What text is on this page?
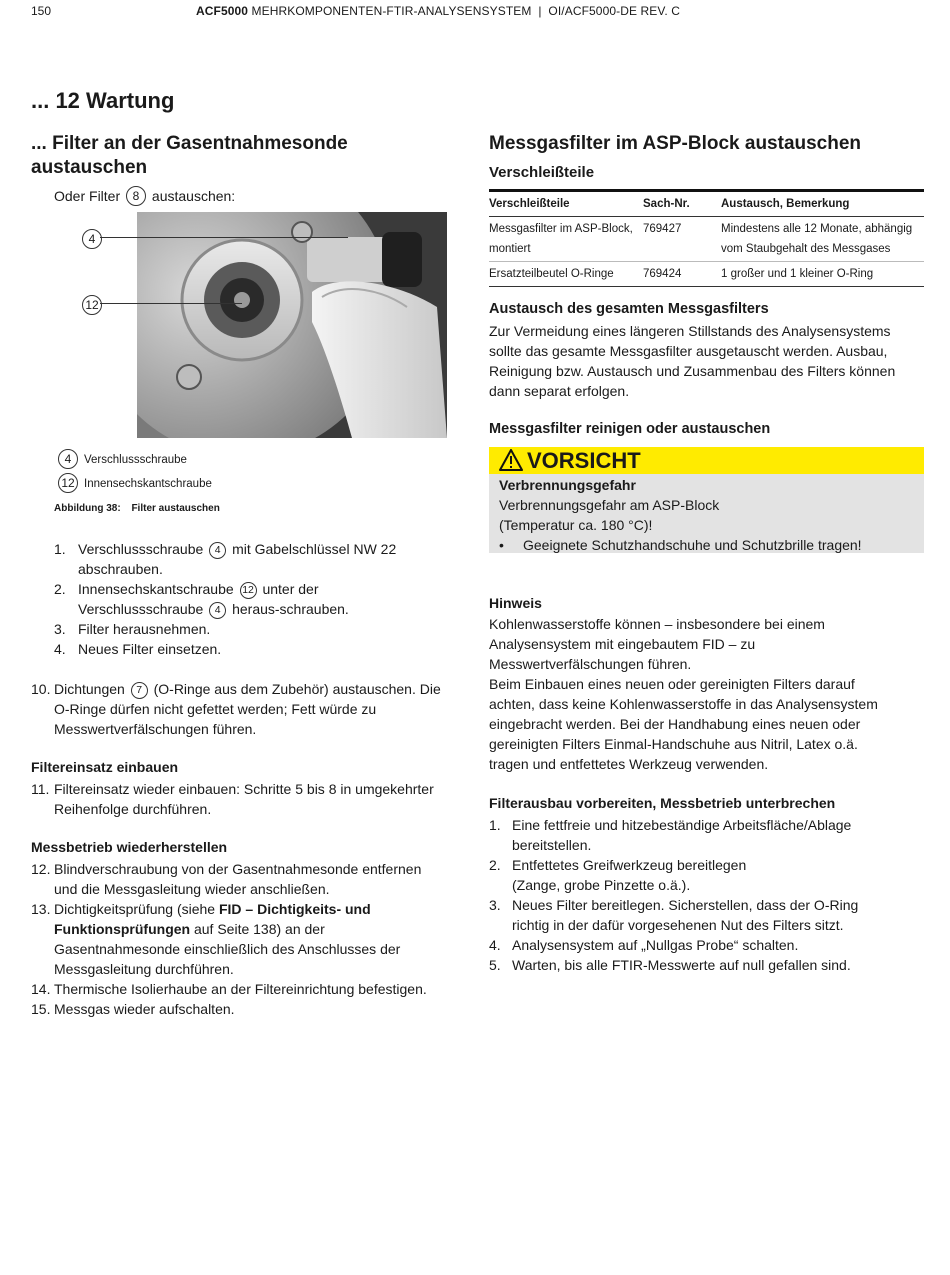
150	ACF5000 MEHRKOMPONENTEN-FTIR-ANALYSENSYSTEM  |  OI/ACF5000-DE REV. C
... 12 Wartung
... Filter an der Gasentnahmesonde
austauschen
Oder Filter 8 austauschen:
4
12
4 Verschlussschraube
12 Innensechskantschraube
Abbildung 38: Filter austauschen
1. Verschlussschraube 4 mit Gabelschlüssel NW 22
abschrauben.
2. Innensechskantschraube 12 unter der
Verschlussschraube 4 heraus-schrauben.
3. Filter herausnehmen.
4. Neues Filter einsetzen.
10. Dichtungen 7 (O-Ringe aus dem Zubehör) austauschen. Die
O-Ringe dürfen nicht gefettet werden; Fett würde zu
Messwertverfälschungen führen.
Filtereinsatz einbauen
11. Filtereinsatz wieder einbauen: Schritte 5 bis 8 in umgekehrter
Reihenfolge durchführen.
Messbetrieb wiederherstellen
12. Blindverschraubung von der Gasentnahmesonde entfernen
und die Messgasleitung wieder anschließen.
13. Dichtigkeitsprüfung (siehe FID – Dichtigkeits- und
Funktionsprüfungen auf Seite 138) an der
Gasentnahmesonde einschließlich des Anschlusses der
Messgasleitung durchführen.
14. Thermische Isolierhaube an der Filtereinrichtung befestigen.
15. Messgas wieder aufschalten.
Messgasfilter im ASP-Block austauschen
Verschleißteile
Verschleißteile	Sach-Nr.	Austausch, Bemerkung
Messgasfilter im ASP-Block,
montiert	769427	Mindestens alle 12 Monate, abhängig
vom Staubgehalt des Messgases
Ersatzteilbeutel O-Ringe	769424	1 großer und 1 kleiner O-Ring
Austausch des gesamten Messgasfilters
Zur Vermeidung eines längeren Stillstands des Analysensystems
sollte das gesamte Messgasfilter ausgetauscht werden. Ausbau,
Reinigung bzw. Austausch und Zusammenbau des Filters können
dann separat erfolgen.
Messgasfilter reinigen oder austauschen
VORSICHT
Verbrennungsgefahr
Verbrennungsgefahr am ASP-Block
(Temperatur ca. 180 °C)!
• Geeignete Schutzhandschuhe und Schutzbrille tragen!
Hinweis
Kohlenwasserstoffe können – insbesondere bei einem
Analysensystem mit eingebautem FID – zu
Messwertverfälschungen führen.
Beim Einbauen eines neuen oder gereinigten Filters darauf
achten, dass keine Kohlenwasserstoffe in das Analysensystem
eingebracht werden. Bei der Handhabung eines neuen oder
gereinigten Filters Einmal-Handschuhe aus Nitril, Latex o.ä.
tragen und entfettetes Werkzeug verwenden.
Filterausbau vorbereiten, Messbetrieb unterbrechen
1. Eine fettfreie und hitzebeständige Arbeitsfläche/Ablage
bereitstellen.
2. Entfettetes Greifwerkzeug bereitlegen
(Zange, grobe Pinzette o.ä.).
3. Neues Filter bereitlegen. Sicherstellen, dass der O-Ring
richtig in der dafür vorgesehenen Nut des Filters sitzt.
4. Analysensystem auf „Nullgas Probe“ schalten.
5. Warten, bis alle FTIR-Messwerte auf null gefallen sind.
